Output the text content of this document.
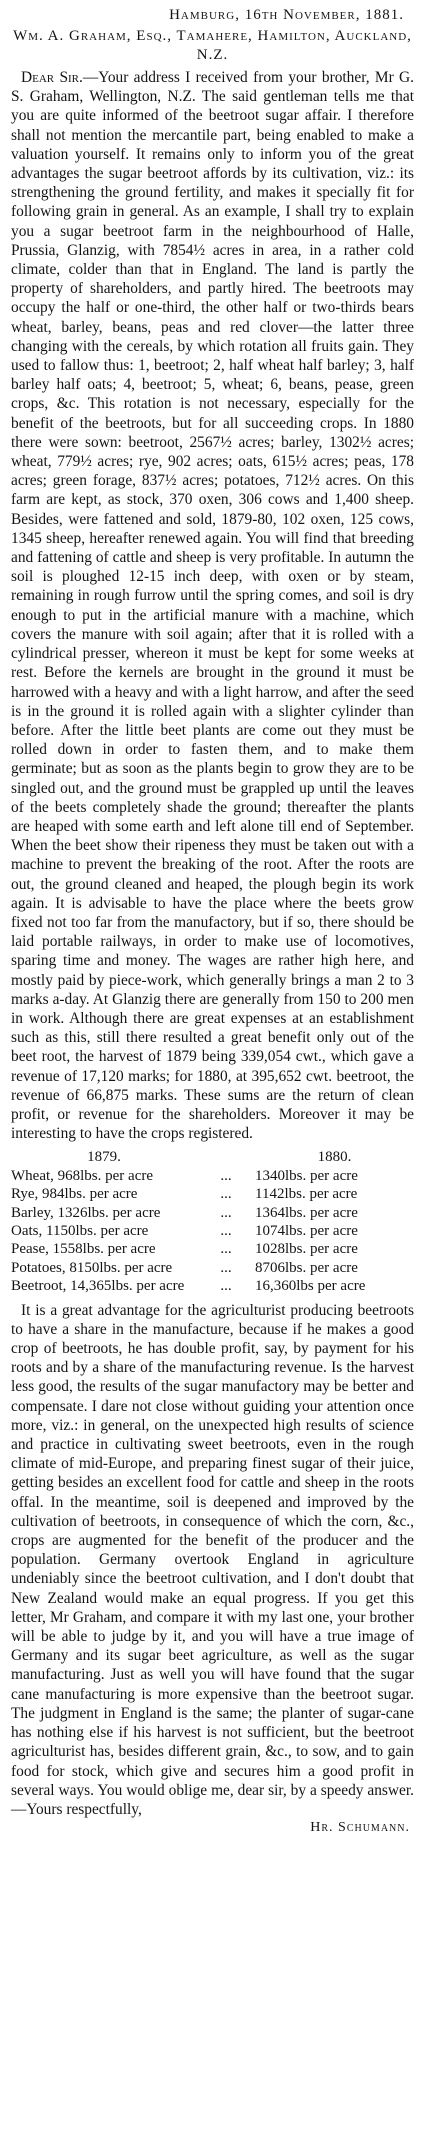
Hamburg, 16th November, 1881.
Wm. A. Graham, Esq., Tamahere, Hamilton, Auckland, N.Z.

Dear Sir.—Your address I received from your brother, Mr G. S. Graham, Wellington, N.Z. The said gentleman tells me that you are quite informed of the beetroot sugar affair. I therefore shall not mention the mercantile part, being enabled to make a valuation yourself. It remains only to inform you of the great advantages the sugar beetroot affords by its cultivation, viz.: its strengthening the ground fertility, and makes it specially fit for following grain in general. As an example, I shall try to explain you a sugar beetroot farm in the neighbourhood of Halle, Prussia, Glanzig, with 7854½ acres in area, in a rather cold climate, colder than that in England. The land is partly the property of shareholders, and partly hired. The beetroots may occupy the half or one-third, the other half or two-thirds bears wheat, barley, beans, peas and red clover—the latter three changing with the cereals, by which rotation all fruits gain. They used to fallow thus: 1, beetroot; 2, half wheat half barley; 3, half barley half oats; 4, beetroot; 5, wheat; 6, beans, pease, green crops, &c. This rotation is not necessary, especially for the benefit of the beetroots, but for all succeeding crops. In 1880 there were sown: beetroot, 2567½ acres; barley, 1302½ acres; wheat, 779½ acres; rye, 902 acres; oats, 615½ acres; peas, 178 acres; green forage, 837½ acres; potatoes, 712½ acres. On this farm are kept, as stock, 370 oxen, 306 cows and 1,400 sheep. Besides, were fattened and sold, 1879-80, 102 oxen, 125 cows, 1345 sheep, hereafter renewed again. You will find that breeding and fattening of cattle and sheep is very profitable. In autumn the soil is ploughed 12-15 inch deep, with oxen or by steam, remaining in rough furrow until the spring comes, and soil is dry enough to put in the artificial manure with a machine, which covers the manure with soil again; after that it is rolled with a cylindrical presser, whereon it must be kept for some weeks at rest. Before the kernels are brought in the ground it must be harrowed with a heavy and with a light harrow, and after the seed is in the ground it is rolled again with a slighter cylinder than before. After the little beet plants are come out they must be rolled down in order to fasten them, and to make them germinate; but as soon as the plants begin to grow they are to be singled out, and the ground must be grappled up until the leaves of the beets completely shade the ground; thereafter the plants are heaped with some earth and left alone till end of September. When the beet show their ripeness they must be taken out with a machine to prevent the breaking of the root. After the roots are out, the ground cleaned and heaped, the plough begin its work again. It is advisable to have the place where the beets grow fixed not too far from the manufactory, but if so, there should be laid portable railways, in order to make use of locomotives, sparing time and money. The wages are rather high here, and mostly paid by piece-work, which generally brings a man 2 to 3 marks a-day. At Glanzig there are generally from 150 to 200 men in work. Although there are great expenses at an establishment such as this, still there resulted a great benefit only out of the beet root, the harvest of 1879 being 339,054 cwt., which gave a revenue of 17,120 marks; for 1880, at 395,652 cwt. beetroot, the revenue of 66,875 marks. These sums are the return of clean profit, or revenue for the shareholders. Moreover it may be interesting to have the crops registered.

1879.	1880.
Wheat, 968lbs. per acre	...	1340lbs. per acre
Rye, 984lbs. per acre	...	1142lbs. per acre
Barley, 1326lbs. per acre	...	1364lbs. per acre
Oats, 1150lbs. per acre	...	1074lbs. per acre
Pease, 1558lbs. per acre	...	1028lbs. per acre
Potatoes, 8150lbs. per acre	...	8706lbs. per acre
Beetroot, 14,365lbs. per acre	...	16,360lbs per acre

It is a great advantage for the agriculturist producing beetroots to have a share in the manufacture, because if he makes a good crop of beetroots, he has double profit, say, by payment for his roots and by a share of the manufacturing revenue. Is the harvest less good, the results of the sugar manufactory may be better and compensate. I dare not close without guiding your attention once more, viz.: in general, on the unexpected high results of science and practice in cultivating sweet beetroots, even in the rough climate of mid-Europe, and preparing finest sugar of their juice, getting besides an excellent food for cattle and sheep in the roots offal. In the meantime, soil is deepened and improved by the cultivation of beetroots, in consequence of which the corn, &c., crops are augmented for the benefit of the producer and the population. Germany overtook England in agriculture undeniably since the beetroot cultivation, and I don't doubt that New Zealand would make an equal progress. If you get this letter, Mr Graham, and compare it with my last one, your brother will be able to judge by it, and you will have a true image of Germany and its sugar beet agriculture, as well as the sugar manufacturing. Just as well you will have found that the sugar cane manufacturing is more expensive than the beetroot sugar. The judgment in England is the same; the planter of sugar-cane has nothing else if his harvest is not sufficient, but the beetroot agriculturist has, besides different grain, &c., to sow, and to gain food for stock, which give and secures him a good profit in several ways. You would oblige me, dear sir, by a speedy answer.—Yours respectfully,

Hr. Schumann.
